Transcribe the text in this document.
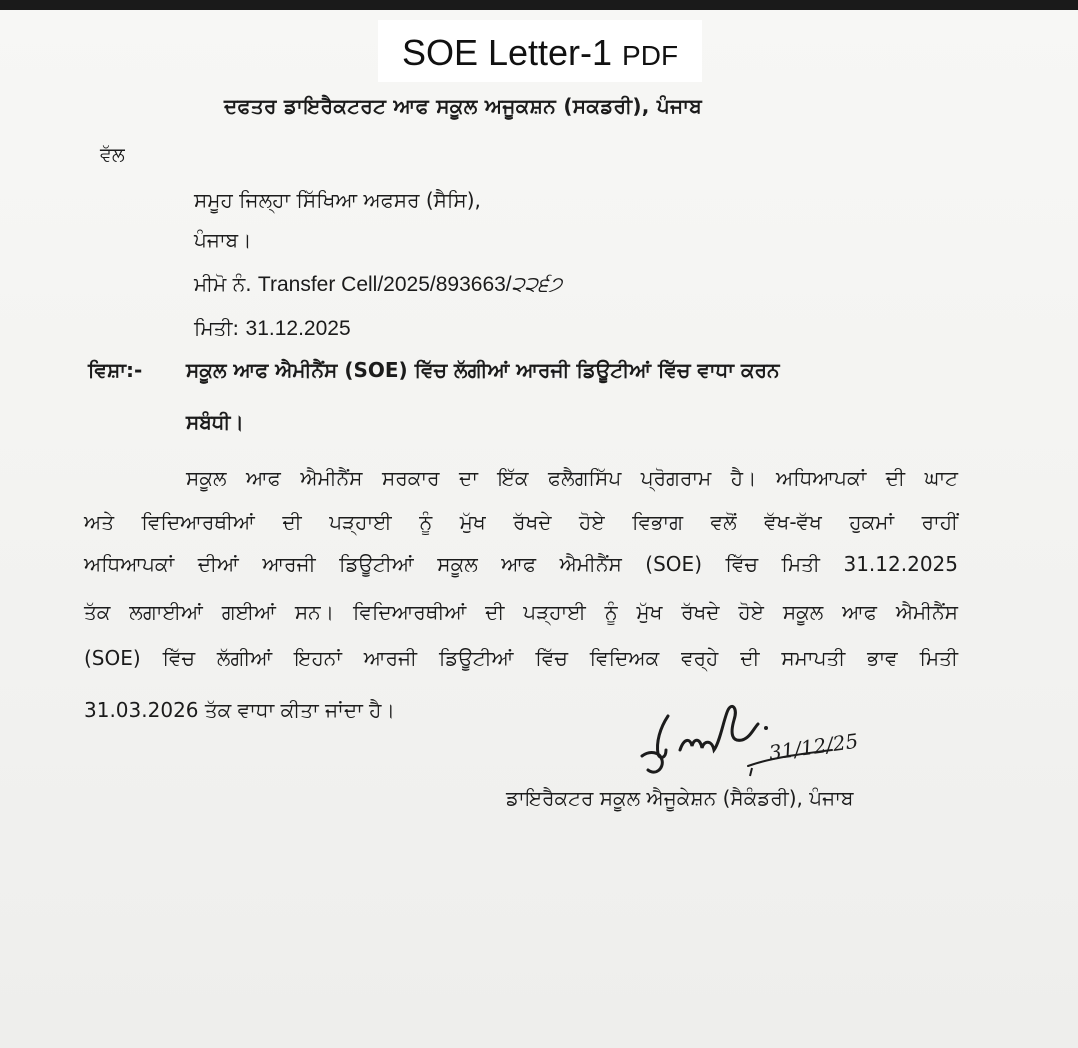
SOE Letter-1 PDF
ਦਫਤਰ ਡਾਇਰੈਕਟਰਟ ਆਫ ਸਕੂਲ ਅਜੂਕਸ਼ਨ (ਸਕਡਰੀ), ਪੰਜਾਬ
ਵੱਲ
ਸਮੂਹ ਜਿਲ੍ਹਾ ਸਿੱਖਿਆ ਅਫਸਰ (ਸੈਸਿ),
ਪੰਜਾਬ।
ਮੀਮੋ ਨੰ. Transfer Cell/2025/893663/੨੨੬੭
ਮਿਤੀ: 31.12.2025
ਵਿਸ਼ਾ:- ਸਕੂਲ ਆਫ ਐਮੀਨੈਂਸ (SOE) ਵਿੱਚ ਲੱਗੀਆਂ ਆਰਜੀ ਡਿਊਟੀਆਂ ਵਿੱਚ ਵਾਧਾ ਕਰਨ
ਸਬੰਧੀ।
ਸਕੂਲ ਆਫ ਐਮੀਨੈਂਸ ਸਰਕਾਰ ਦਾ ਇੱਕ ਫਲੈਗਸਿੱਪ ਪ੍ਰੋਗਰਾਮ ਹੈ। ਅਧਿਆਪਕਾਂ ਦੀ ਘਾਟ
ਅਤੇ ਵਿਦਿਆਰਥੀਆਂ ਦੀ ਪੜ੍ਹਾਈ ਨੂੰ ਮੁੱਖ ਰੱਖਦੇ ਹੋਏ ਵਿਭਾਗ ਵਲੋਂ ਵੱਖ-ਵੱਖ ਹੁਕਮਾਂ ਰਾਹੀਂ
ਅਧਿਆਪਕਾਂ ਦੀਆਂ ਆਰਜੀ ਡਿਊਟੀਆਂ ਸਕੂਲ ਆਫ ਐਮੀਨੈਂਸ (SOE) ਵਿੱਚ ਮਿਤੀ 31.12.2025
ਤੱਕ ਲਗਾਈਆਂ ਗਈਆਂ ਸਨ। ਵਿਦਿਆਰਥੀਆਂ ਦੀ ਪੜ੍ਹਾਈ ਨੂੰ ਮੁੱਖ ਰੱਖਦੇ ਹੋਏ ਸਕੂਲ ਆਫ ਐਮੀਨੈਂਸ
(SOE) ਵਿੱਚ ਲੱਗੀਆਂ ਇਹਨਾਂ ਆਰਜੀ ਡਿਊਟੀਆਂ ਵਿੱਚ ਵਿਦਿਅਕ ਵਰ੍ਹੇ ਦੀ ਸਮਾਪਤੀ ਭਾਵ ਮਿਤੀ
31.03.2026 ਤੱਕ ਵਾਧਾ ਕੀਤਾ ਜਾਂਦਾ ਹੈ।
31/12/25
ਡਾਇਰੈਕਟਰ ਸਕੂਲ ਐਜੂਕੇਸ਼ਨ (ਸੈਕੰਡਰੀ), ਪੰਜਾਬ
